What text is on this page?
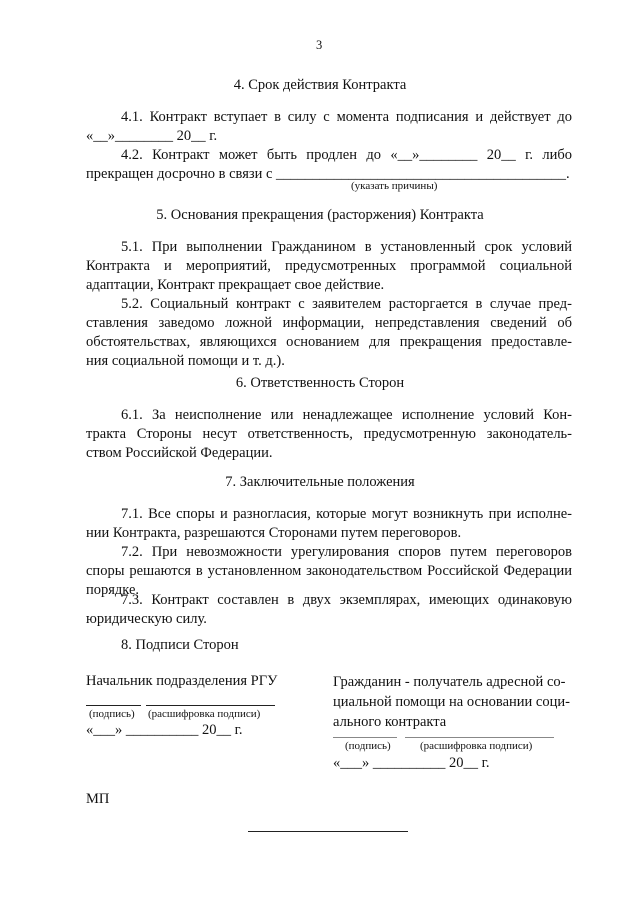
3
4. Срок действия Контракта
4.1. Контракт вступает в силу с момента подписания и действует до
«__»________ 20__ г.
4.2. Контракт может быть продлен до «__»________ 20__ г. либо
прекращен досрочно в связи с ________________________________________.
(указать причины)
5. Основания прекращения (расторжения) Контракта
5.1. При выполнении Гражданином в установленный срок условий
Контракта и мероприятий, предусмотренных программой социальной
адаптации, Контракт прекращает свое действие.
5.2. Социальный контракт с заявителем расторгается в случае пред-
ставления заведомо ложной информации, непредставления сведений об
обстоятельствах, являющихся основанием для прекращения предоставле-
ния социальной помощи и т. д.).
6. Ответственность Сторон
6.1. За неисполнение или ненадлежащее исполнение условий Кон-
тракта Стороны несут ответственность, предусмотренную законодатель-
ством Российской Федерации.
7. Заключительные положения
7.1. Все споры и разногласия, которые могут возникнуть при исполне-
нии Контракта, разрешаются Сторонами путем переговоров.
7.2. При невозможности урегулирования споров путем переговоров
споры решаются в установленном законодательством Российской Федерации
порядке.
7.3. Контракт составлен в двух экземплярах, имеющих одинаковую
юридическую силу.
8. Подписи Сторон
Начальник подразделения РГУ
(подпись) (расшифровка подписи)
«___» __________ 20__ г.
Гражданин - получатель адресной со-
циальной помощи на основании соци-
ального контракта
(подпись)	(расшифровка подписи)
«___» __________ 20__ г.
МП
